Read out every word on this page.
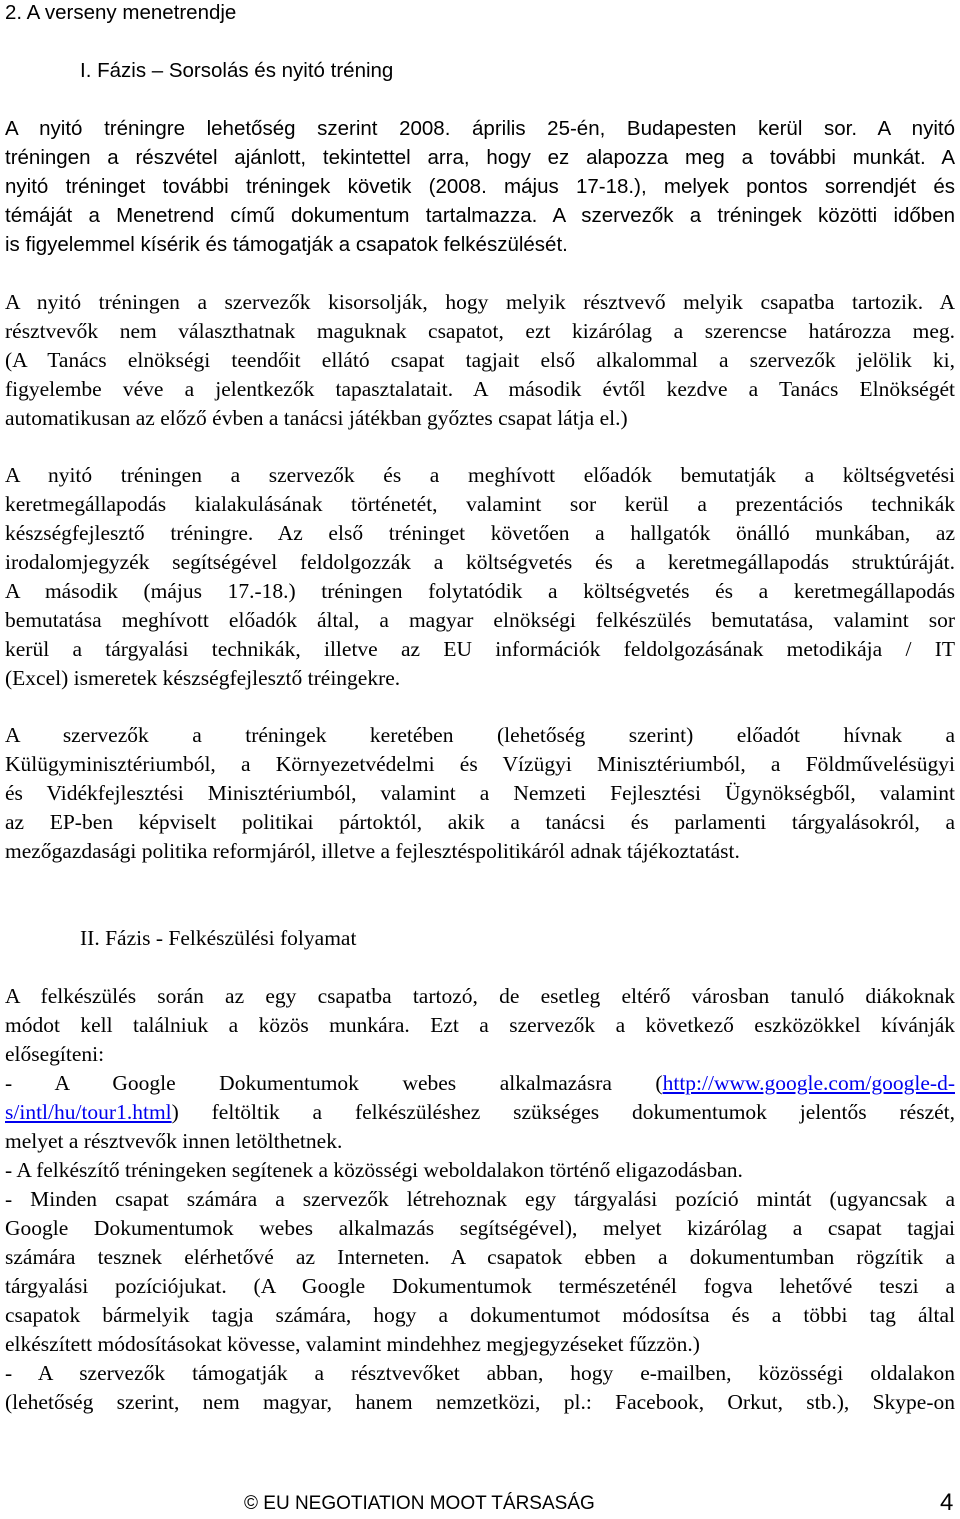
2. A verseny menetrendje
I. Fázis – Sorsolás és nyitó tréning
A nyitó tréningre lehetőség szerint 2008. április 25-én, Budapesten kerül sor. A nyitó
tréningen a részvétel ajánlott, tekintettel arra, hogy ez alapozza meg a további munkát. A
nyitó tréninget további tréningek követik (2008. május 17-18.), melyek pontos sorrendjét és
témáját a Menetrend című dokumentum tartalmazza. A szervezők a tréningek közötti időben
is figyelemmel kísérik és támogatják a csapatok felkészülését.
A nyitó tréningen a szervezők kisorsolják, hogy melyik résztvevő melyik csapatba tartozik. A
résztvevők nem választhatnak maguknak csapatot, ezt kizárólag a szerencse határozza meg.
(A Tanács elnökségi teendőit ellátó csapat tagjait első alkalommal a szervezők jelölik ki,
figyelembe véve a jelentkezők tapasztalatait. A második évtől kezdve a Tanács Elnökségét
automatikusan az előző évben a tanácsi játékban győztes csapat látja el.)
A nyitó tréningen a szervezők és a meghívott előadók bemutatják a költségvetési
keretmegállapodás kialakulásának történetét, valamint sor kerül a prezentációs technikák
készségfejlesztő tréningre. Az első tréninget követően a hallgatók önálló munkában, az
irodalomjegyzék segítségével feldolgozzák a költségvetés és a keretmegállapodás struktúráját.
A második (május 17.-18.) tréningen folytatódik a költségvetés és a keretmegállapodás
bemutatása meghívott előadók által, a magyar elnökségi felkészülés bemutatása, valamint sor
kerül a tárgyalási technikák, illetve az EU információk feldolgozásának metodikája / IT
(Excel) ismeretek készségfejlesztő tréingekre.
A szervezők a tréningek keretében (lehetőség szerint) előadót hívnak a
Külügyminisztériumból, a Környezetvédelmi és Vízügyi Minisztériumból, a Földművelésügyi
és Vidékfejlesztési Minisztériumból, valamint a Nemzeti Fejlesztési Ügynökségből, valamint
az EP-ben képviselt politikai pártoktól, akik a tanácsi és parlamenti tárgyalásokról, a
mezőgazdasági politika reformjáról, illetve a fejlesztéspolitikáról adnak tájékoztatást.
II. Fázis - Felkészülési folyamat
A felkészülés során az egy csapatba tartozó, de esetleg eltérő városban tanuló diákoknak
módot kell találniuk a közös munkára. Ezt a szervezők a következő eszközökkel kívánják
elősegíteni:
- A Google Dokumentumok webes alkalmazásra (http://www.google.com/google-d-
s/intl/hu/tour1.html) feltöltik a felkészüléshez szükséges dokumentumok jelentős részét,
melyet a résztvevők innen letölthetnek.
- A felkészítő tréningeken segítenek a közösségi weboldalakon történő eligazodásban.
- Minden csapat számára a szervezők létrehoznak egy tárgyalási pozíció mintát (ugyancsak a
Google Dokumentumok webes alkalmazás segítségével), melyet kizárólag a csapat tagjai
számára tesznek elérhetővé az Interneten. A csapatok ebben a dokumentumban rögzítik a
tárgyalási pozíciójukat. (A Google Dokumentumok természeténél fogva lehetővé teszi a
csapatok bármelyik tagja számára, hogy a dokumentumot módosítsa és a többi tag által
elkészített módosításokat kövesse, valamint mindehhez megjegyzéseket fűzzön.)
- A szervezők támogatják a résztvevőket abban, hogy e-mailben, közösségi oldalakon
(lehetőség szerint, nem magyar, hanem nemzetközi, pl.: Facebook, Orkut, stb.), Skype-on
© EU NEGOTIATION MOOT TÁRSASÁG	4
